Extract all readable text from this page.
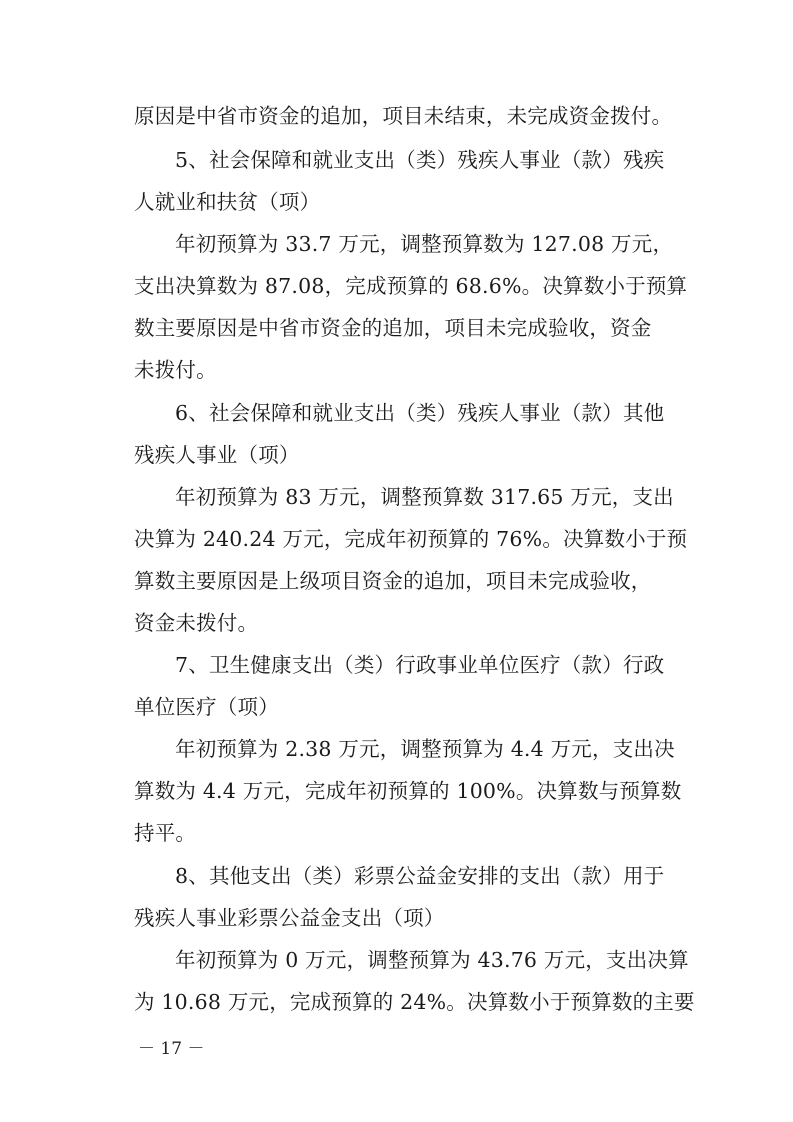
原因是中省市资金的追加，项目未结束，未完成资金拨付。
5、社会保障和就业支出（类）残疾人事业（款）残疾
人就业和扶贫（项）
年初预算为 33.7 万元，调整预算数为 127.08 万元，
支出决算数为 87.08，完成预算的 68.6%。决算数小于预算
数主要原因是中省市资金的追加，项目未完成验收，资金
未拨付。
6、社会保障和就业支出（类）残疾人事业（款）其他
残疾人事业（项）
年初预算为 83 万元，调整预算数 317.65 万元，支出
决算为 240.24 万元，完成年初预算的 76%。决算数小于预
算数主要原因是上级项目资金的追加，项目未完成验收，
资金未拨付。
7、卫生健康支出（类）行政事业单位医疗（款）行政
单位医疗（项）
年初预算为 2.38 万元，调整预算为 4.4 万元，支出决
算数为 4.4 万元，完成年初预算的 100%。决算数与预算数
持平。
8、其他支出（类）彩票公益金安排的支出（款）用于
残疾人事业彩票公益金支出（项）
年初预算为 0 万元，调整预算为 43.76 万元，支出决算
为 10.68 万元，完成预算的 24%。决算数小于预算数的主要
－ 17 －
